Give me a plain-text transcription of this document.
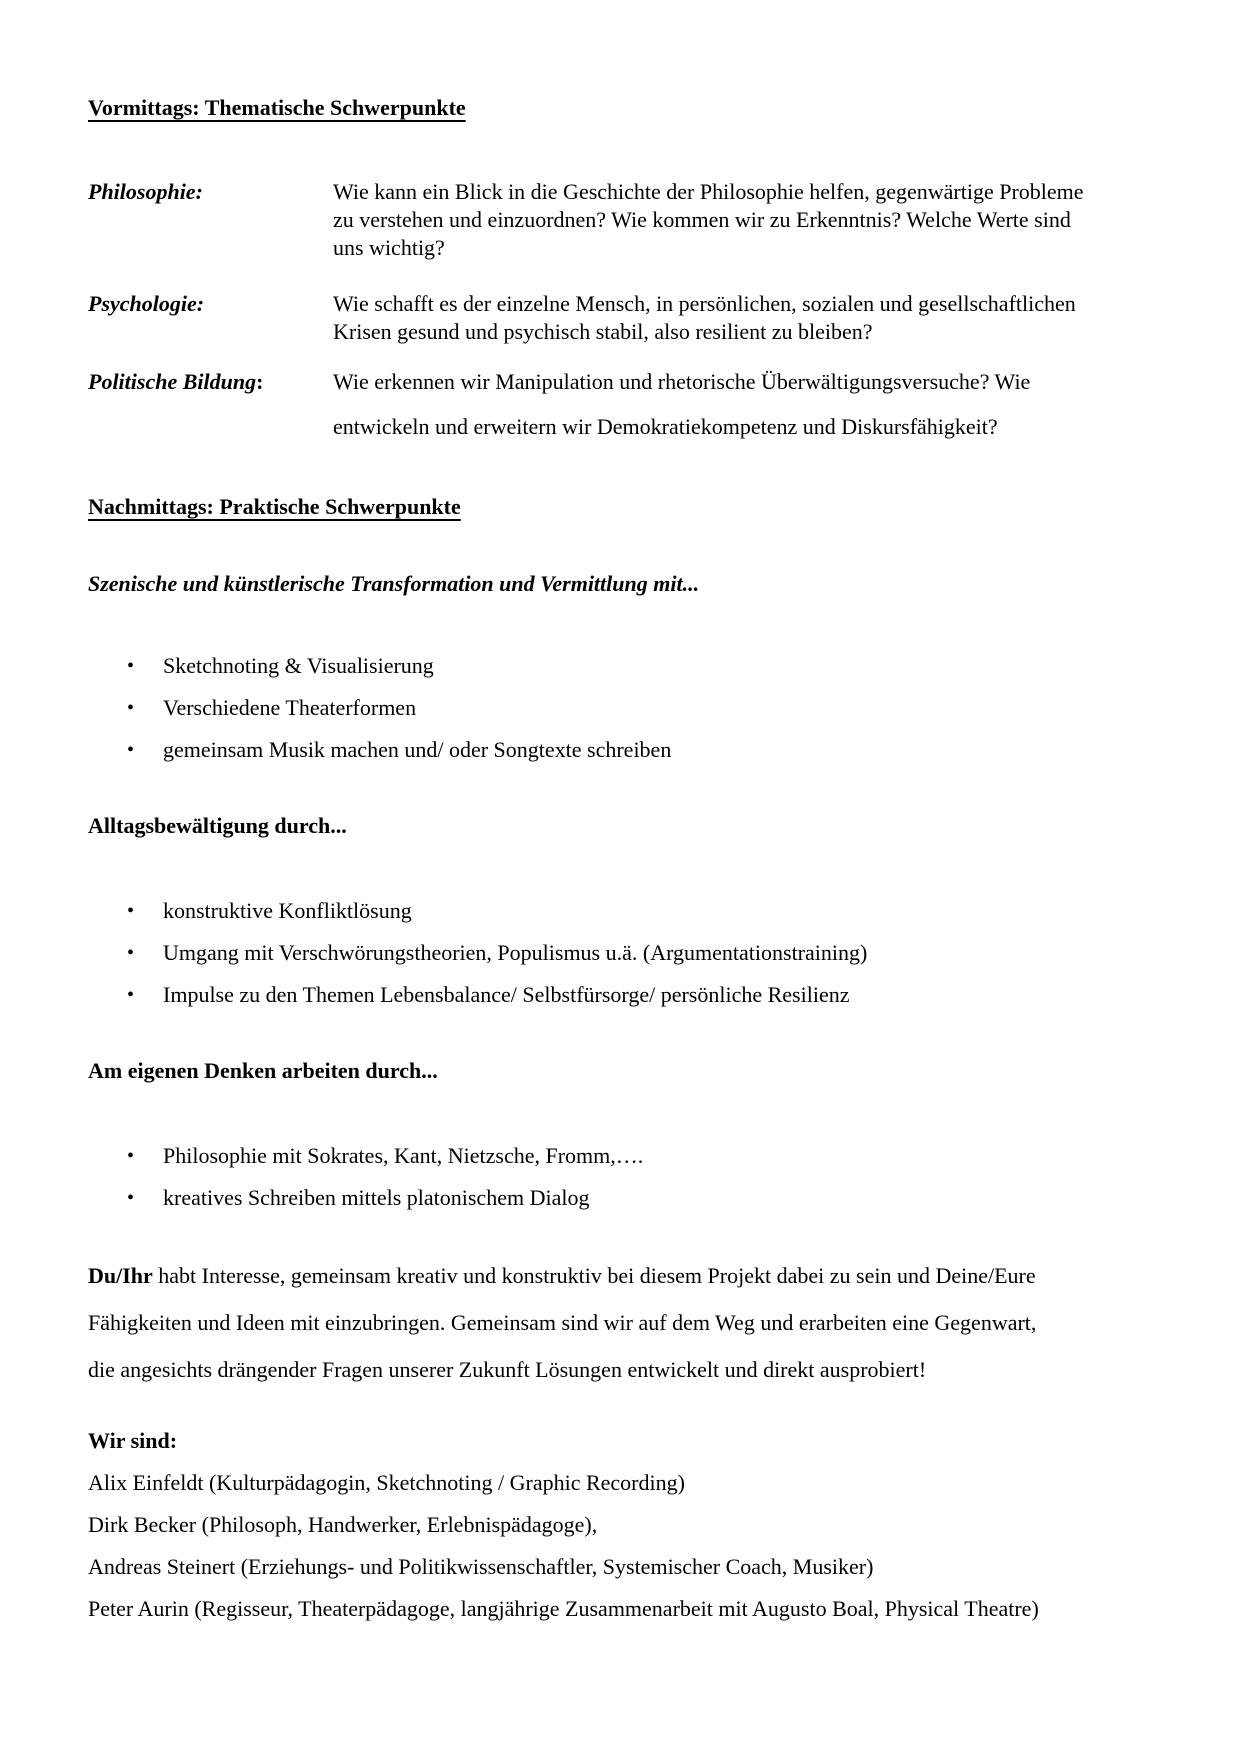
Vormittags: Thematische Schwerpunkte
Philosophie:	Wie kann ein Blick in die Geschichte der Philosophie helfen, gegenwärtige Probleme
zu verstehen und einzuordnen? Wie kommen wir zu Erkenntnis? Welche Werte sind
uns wichtig?
Psychologie:	Wie schafft es der einzelne Mensch, in persönlichen, sozialen und gesellschaftlichen
Krisen gesund und psychisch stabil, also resilient zu bleiben?
Politische Bildung:	Wie erkennen wir Manipulation und rhetorische Überwältigungsversuche? Wie
entwickeln und erweitern wir Demokratiekompetenz und Diskursfähigkeit?
Nachmittags: Praktische Schwerpunkte
Szenische und künstlerische Transformation und Vermittlung mit...
•	Sketchnoting & Visualisierung
•	Verschiedene Theaterformen
•	gemeinsam Musik machen und/ oder Songtexte schreiben
Alltagsbewältigung durch...
•	konstruktive Konfliktlösung
•	Umgang mit Verschwörungstheorien, Populismus u.ä. (Argumentationstraining)
•	Impulse zu den Themen Lebensbalance/ Selbstfürsorge/ persönliche Resilienz
Am eigenen Denken arbeiten durch...
•	Philosophie mit Sokrates, Kant, Nietzsche, Fromm,….
•	kreatives Schreiben mittels platonischem Dialog
Du/Ihr habt Interesse, gemeinsam kreativ und konstruktiv bei diesem Projekt dabei zu sein und Deine/Eure
Fähigkeiten und Ideen mit einzubringen. Gemeinsam sind wir auf dem Weg und erarbeiten eine Gegenwart,
die angesichts drängender Fragen unserer Zukunft Lösungen entwickelt und direkt ausprobiert!
Wir sind:
Alix Einfeldt (Kulturpädagogin, Sketchnoting / Graphic Recording)
Dirk Becker (Philosoph, Handwerker, Erlebnispädagoge),
Andreas Steinert (Erziehungs- und Politikwissenschaftler, Systemischer Coach, Musiker)
Peter Aurin (Regisseur, Theaterpädagoge, langjährige Zusammenarbeit mit Augusto Boal, Physical Theatre)
